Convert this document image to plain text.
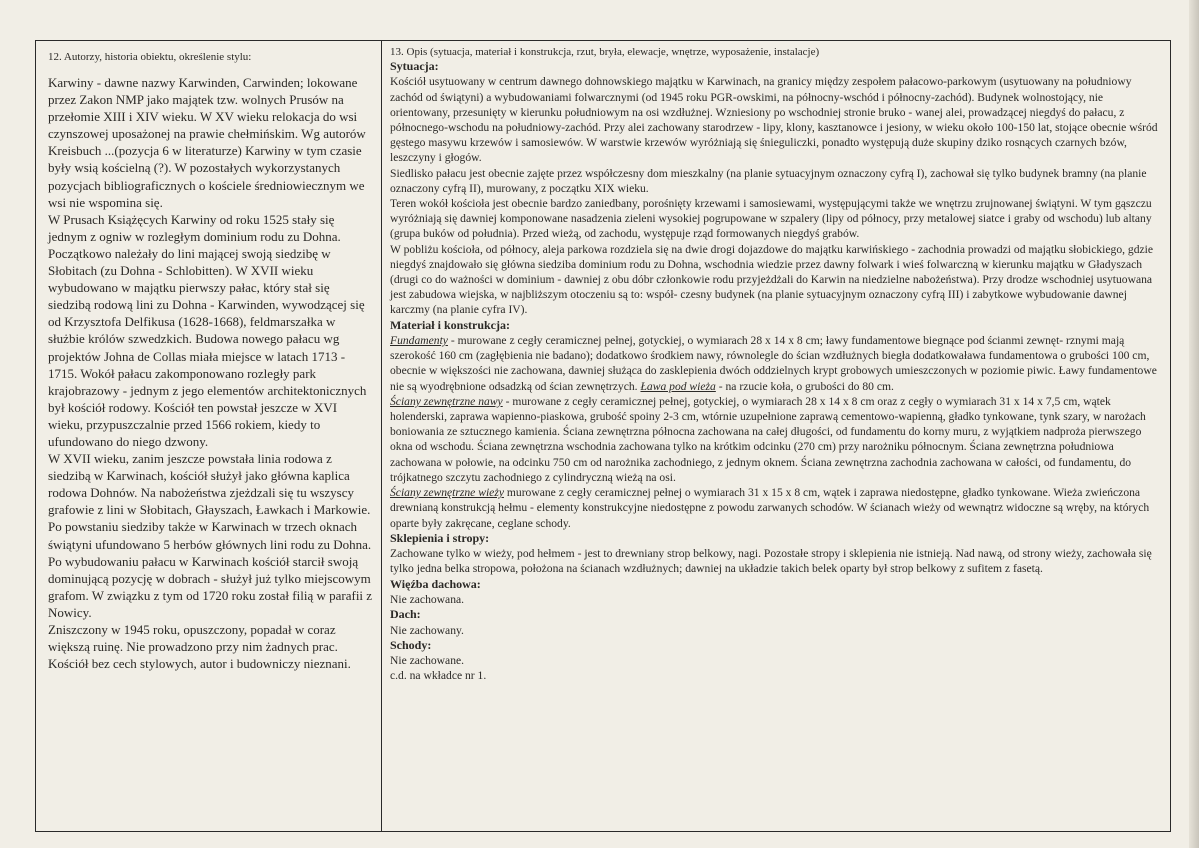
12. Autorzy, historia obiektu, określenie stylu:

Karwiny - dawne nazwy Karwinden, Carwinden; lokowane przez Zakon NMP jako majątek tzw. wolnych Prusów na przełomie XIII i XIV wieku. W XV wieku relokacja do wsi czynszowej uposażonej na prawie chełmińskim. Wg autorów Kreisbuch ...(pozycja 6 w literaturze) Karwiny w tym czasie były wsią kościelną (?). W pozostałych wykorzystanych pozycjach bibliograficznych o kościele średniowiecznym we wsi nie wspomina się.

W Prusach Książęcych Karwiny od roku 1525 stały się jednym z ogniw w rozległym dominium rodu zu Dohna. Początkowo należały do lini mającej swoją siedzibę w Słobitach (zu Dohna - Schlobitten). W XVII wieku wybudowano w majątku pierwszy pałac, który stał się siedzibą rodową lini zu Dohna - Karwinden, wywodzącej się od Krzysztofa Delfikusa (1628-1668), feldmarszałka w służbie królów szwedzkich. Budowa nowego pałacu wg projektów Johna de Collas miała miejsce w latach 1713 - 1715. Wokół pałacu zakomponowano rozległy park krajobrazowy - jednym z jego elementów architektonicznych był kościół rodowy. Kościół ten powstał jeszcze w XVI wieku, przypuszczalnie przed 1566 rokiem, kiedy to ufundowano do niego dzwony.

W XVII wieku, zanim jeszcze powstała linia rodowa z siedzibą w Karwinach, kościół służył jako główna kaplica rodowa Dohnów. Na nabożeństwa zjeżdzali się tu wszyscy grafowie z lini w Słobitach, Głayszach, Ławkach i Markowie. Po powstaniu siedziby także w Karwinach w trzech oknach świątyni ufundowano 5 herbów głównych lini rodu zu Dohna.

Po wybudowaniu pałacu w Karwinach kościół starcił swoją dominującą pozycję w dobrach - służył już tylko miejscowym grafom. W związku z tym od 1720 roku został filią w parafii z Nowicy.

Zniszczony w 1945 roku, opuszczony, popadał w coraz większą ruinę. Nie prowadzono przy nim żadnych prac. Kościół bez cech stylowych, autor i budowniczy nieznani.

13. Opis (sytuacja, materiał i konstrukcja, rzut, bryła, elewacje, wnętrze, wyposażenie, instalacje)
Sytuacja:

Kościół usytuowany w centrum dawnego dohnowskiego majątku w Karwinach, na granicy między zespołem pałacowo-parkowym (usytuowany na południowy zachód od świątyni) a wybudowaniami folwarcznymi (od 1945 roku PGR-owskimi, na północny-wschód i północny-zachód). Budynek wolnostojący, nie orientowany, przesunięty w kierunku południowym na osi wzdłużnej. Wzniesiony po wschodniej stronie bruko - wanej alei, prowadzącej niegdyś do pałacu, z północnego-wschodu na południowy-zachód. Przy alei zachowany starodrzew - lipy, klony, kasztanowce i jesiony, w wieku około 100-150 lat, stojące obecnie wśród gęstego masywu krzewów i samosiewów. W warstwie krzewów wyróżniają się śnieguliczki, ponadto występują duże skupiny dziko rosnących czarnych bzów, leszczyny i głogów.

Siedlisko pałacu jest obecnie zajęte przez współczesny dom mieszkalny (na planie sytuacyjnym oznaczony cyfrą I), zachował się tylko budynek bramny (na planie oznaczony cyfrą II), murowany, z początku XIX wieku.

Teren wokół kościoła jest obecnie bardzo zaniedbany, porośnięty krzewami i samosiewami, występującymi także we wnętrzu zrujnowanej świątyni. W tym gąszczu wyróżniają się dawniej komponowane nasadzenia zieleni wysokiej pogrupowane w szpalery (lipy od północy, przy metalowej siatce i graby od wschodu) lub altany (grupa buków od południa). Przed wieżą, od zachodu, występuje rząd formowanych niegdyś grabów.

W pobliżu kościoła, od północy, aleja parkowa rozdziela się na dwie drogi dojazdowe do majątku karwińskiego - zachodnia prowadzi od majątku słobickiego, gdzie niegdyś znajdowało się główna siedziba dominium rodu zu Dohna, wschodnia wiedzie przez dawny folwark i wieś folwarczną w kierunku majątku w Gładyszach (drugi co do ważności w dominium - dawniej z obu dóbr członkowie rodu przyjeżdżali do Karwin na niedzielne nabożeństwa). Przy drodze wschodniej usytuowana jest zabudowa wiejska, w najbliższym otoczeniu są to: współ- czesny budynek (na planie sytuacyjnym oznaczony cyfrą III) i zabytkowe wybudowanie dawnej karczmy (na planie cyfra IV).

Materiał i konstrukcja:

Fundamenty - murowane z cegły ceramicznej pełnej, gotyckiej, o wymiarach 28 x 14 x 8 cm; ławy fundamentowe biegnące pod ścianmi zewnęt- rznymi mają szerokość 160 cm (zagłębienia nie badano); dodatkowo środkiem nawy, równolegle do ścian wzdłużnych biegła dodatkowaława fundamentowa o grubości 100 cm, obecnie w większości nie zachowana, dawniej służąca do zasklepienia dwóch oddzielnych krypt grobowych umieszczonych w poziomie piwic. Ławy fundamentowe nie są wyodrębnione odsadzką od ścian zewnętrzych. Ława pod wieża - na rzucie koła, o grubości do 80 cm.

Ściany zewnętrzne nawy - murowane z cegły ceramicznej pełnej, gotyckiej, o wymiarach 28 x 14 x 8 cm oraz z cegły o wymiarach 31 x 14 x 7,5 cm, wątek holenderski, zaprawa wapienno-piaskowa, grubość spoiny 2-3 cm, wtórnie uzupełnione zaprawą cementowo-wapienną, gładko tynkowane, tynk szary, w narożach boniowania ze sztucznego kamienia. Ściana zewnętrzna północna zachowana na całej długości, od fundamentu do korny muru, z wyjątkiem nadproża pierwszego okna od wschodu. Ściana zewnętrzna wschodnia zachowana tylko na krótkim odcinku (270 cm) przy narożniku północnym. Ściana zewnętrzna południowa zachowana w połowie, na odcinku 750 cm od narożnika zachodniego, z jednym oknem. Ściana zewnętrzna zachodnia zachowana w całości, od fundamentu, do trójkatnego szczytu zachodniego z cylindryczną wieżą na osi.

Ściany zewnętrzne wieży murowane z cegły ceramicznej pełnej o wymiarach 31 x 15 x 8 cm, wątek i zaprawa niedostępne, gładko tynkowane. Wieża zwieńczona drewnianą konstrukcją hełmu - elementy konstrukcyjne niedostępne z powodu zarwanych schodów. W ścianach wieży od wewnątrz widoczne są wręby, na których oparte były zakręcane, ceglane schody.

Sklepienia i stropy:

Zachowane tylko w wieży, pod hełmem - jest to drewniany strop belkowy, nagi. Pozostałe stropy i sklepienia nie istnieją. Nad nawą, od strony wieży, zachowała się tylko jedna belka stropowa, położona na ścianach wzdłużnych; dawniej na układzie takich belek oparty był strop belkowy z sufitem z fasetą.

Więźba dachowa:

Nie zachowana.

Dach:

Nie zachowany.

Schody:

Nie zachowane.

c.d. na wkładce nr 1.
